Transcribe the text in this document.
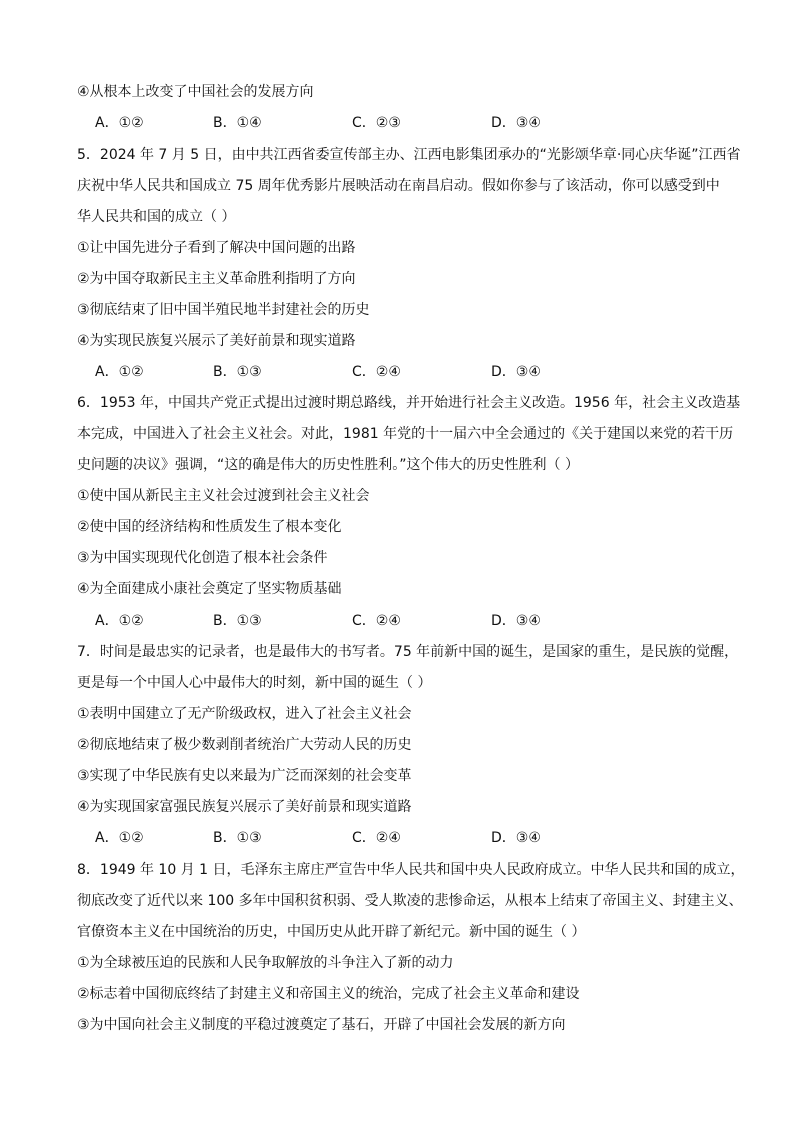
④从根本上改变了中国社会的发展方向
A．①②	B．①④	C．②③	D．③④
5．2024 年 7 月 5 日，由中共江西省委宣传部主办、江西电影集团承办的“光影颂华章·同心庆华诞”江西省
庆祝中华人民共和国成立 75 周年优秀影片展映活动在南昌启动。假如你参与了该活动，你可以感受到中
华人民共和国的成立（ ）
①让中国先进分子看到了解决中国问题的出路
②为中国夺取新民主主义革命胜利指明了方向
③彻底结束了旧中国半殖民地半封建社会的历史
④为实现民族复兴展示了美好前景和现实道路
A．①②	B．①③	C．②④	D．③④
6．1953 年，中国共产党正式提出过渡时期总路线，并开始进行社会主义改造。1956 年，社会主义改造基
本完成，中国进入了社会主义社会。对此，1981 年党的十一届六中全会通过的《关于建国以来党的若干历
史问题的决议》强调，“这的确是伟大的历史性胜利。”这个伟大的历史性胜利（ ）
①使中国从新民主主义社会过渡到社会主义社会
②使中国的经济结构和性质发生了根本变化
③为中国实现现代化创造了根本社会条件
④为全面建成小康社会奠定了坚实物质基础
A．①②	B．①③	C．②④	D．③④
7．时间是最忠实的记录者，也是最伟大的书写者。75 年前新中国的诞生，是国家的重生，是民族的觉醒，
更是每一个中国人心中最伟大的时刻，新中国的诞生（ ）
①表明中国建立了无产阶级政权，进入了社会主义社会
②彻底地结束了极少数剥削者统治广大劳动人民的历史
③实现了中华民族有史以来最为广泛而深刻的社会变革
④为实现国家富强民族复兴展示了美好前景和现实道路
A．①②	B．①③	C．②④	D．③④
8．1949 年 10 月 1 日，毛泽东主席庄严宣告中华人民共和国中央人民政府成立。中华人民共和国的成立，
彻底改变了近代以来 100 多年中国积贫积弱、受人欺凌的悲惨命运，从根本上结束了帝国主义、封建主义、
官僚资本主义在中国统治的历史，中国历史从此开辟了新纪元。新中国的诞生（ ）
①为全球被压迫的民族和人民争取解放的斗争注入了新的动力
②标志着中国彻底终结了封建主义和帝国主义的统治，完成了社会主义革命和建设
③为中国向社会主义制度的平稳过渡奠定了基石，开辟了中国社会发展的新方向
